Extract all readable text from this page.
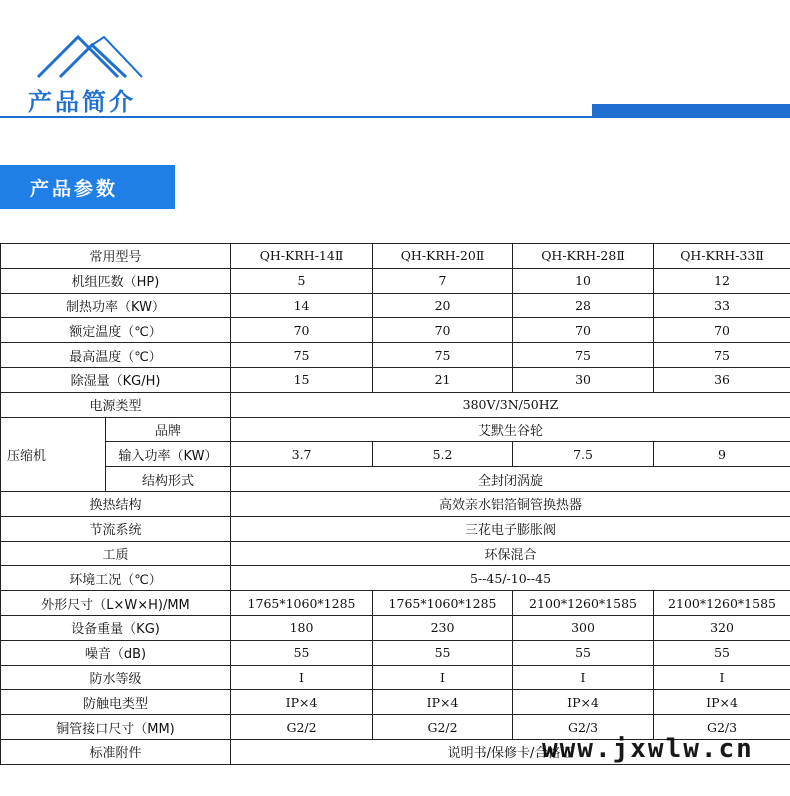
产品简介
产品参数
常用型号		QH-KRH-14Ⅱ	QH-KRH-20Ⅱ	QH-KRH-28Ⅱ	QH-KRH-33Ⅱ
机组匹数（HP)		5	7	10	12
制热功率（KW）		14	20	28	33
额定温度（℃）		70	70	70	70
最高温度（℃）		75	75	75	75
除湿量（KG/H)		15	21	30	36
电源类型		380V/3N/50HZ			
压缩机	品牌	艾默生谷轮			
	输入功率（KW）	3.7	5.2	7.5	9
	结构形式	全封闭涡旋			
换热结构		高效亲水铝箔铜管换热器			
节流系统		三花电子膨胀阀			
工质		环保混合			
环境工况（℃）		5--45/-10--45			
外形尺寸（L×W×H)/MM		1765*1060*1285	1765*1060*1285	2100*1260*1585	2100*1260*1585
设备重量（KG)		180	230	300	320
噪音（dB)		55	55	55	55
防水等级		I	I	I	I
防触电类型		IP×4	IP×4	IP×4	IP×4
铜管接口尺寸（MM)		G2/2	G2/2	G2/3	G2/3
标准附件		说明书/保修卡/合格证			
www.jxwlw.cn
